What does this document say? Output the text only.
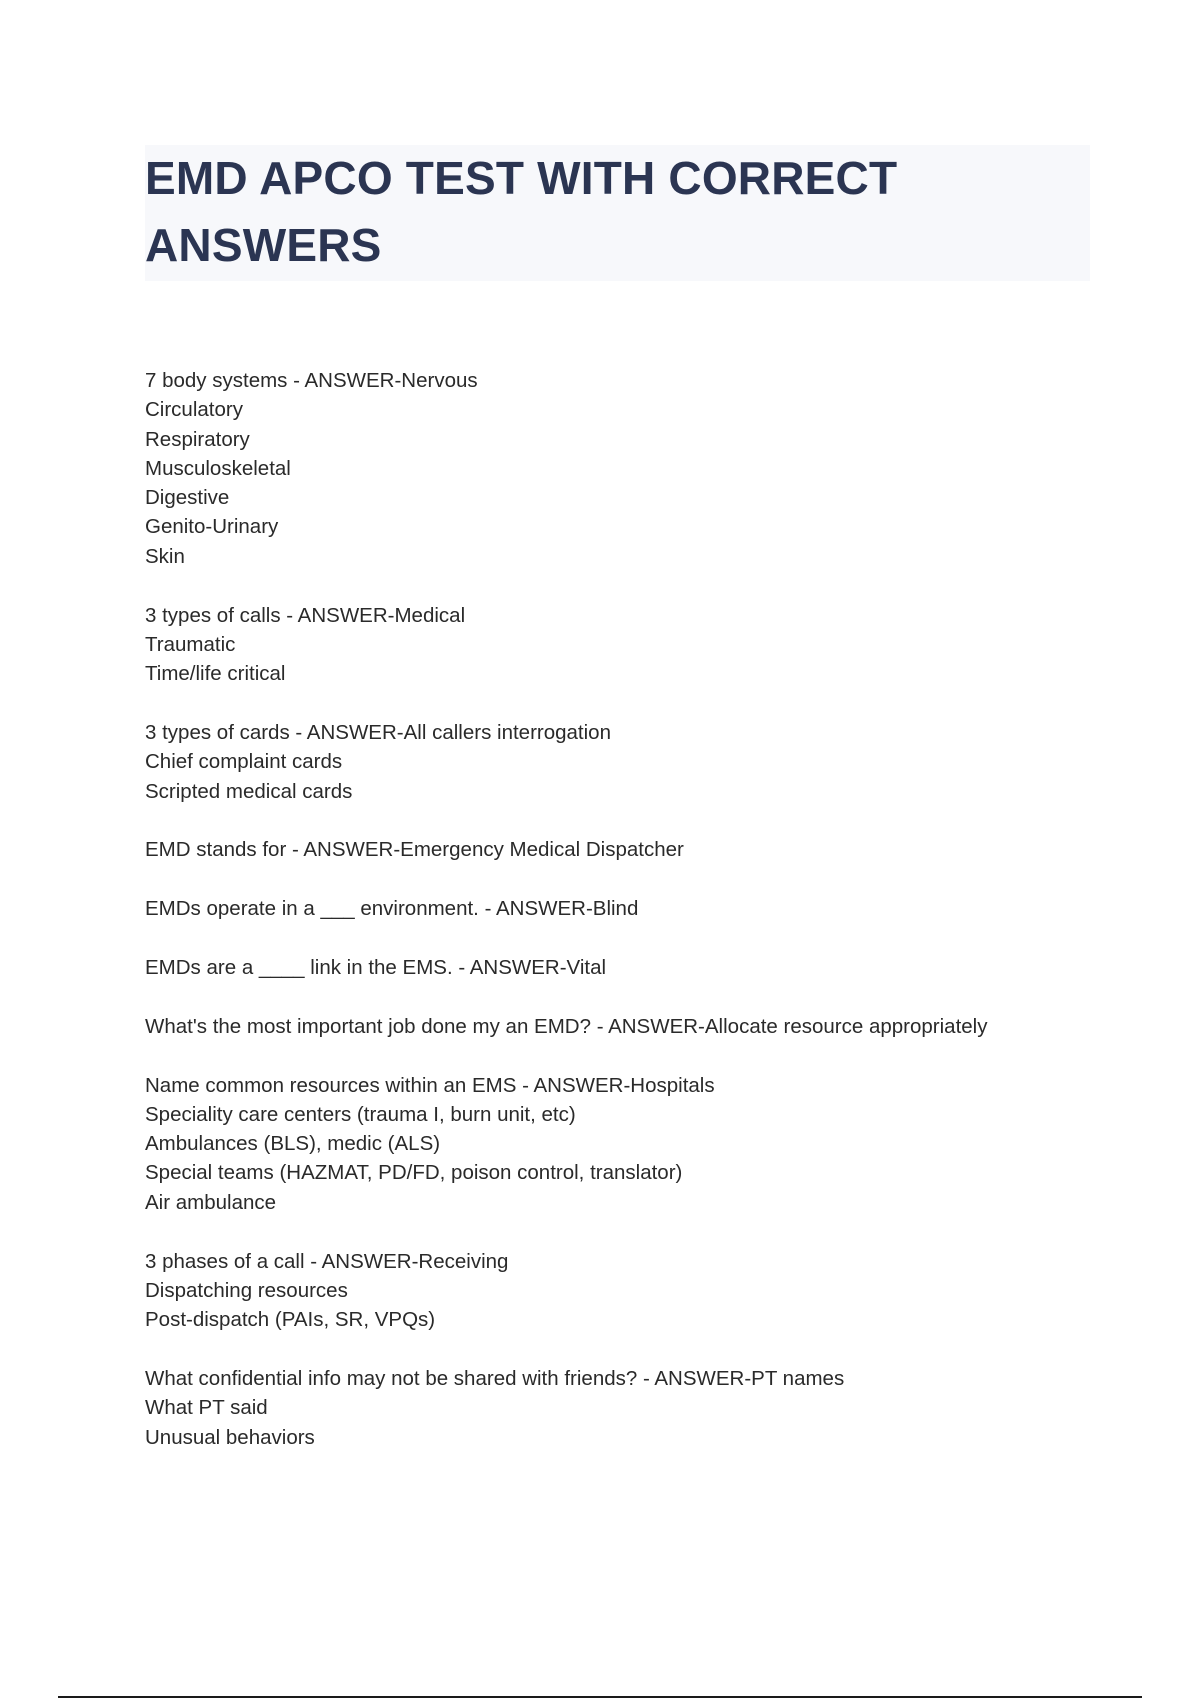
EMD APCO TEST WITH CORRECT ANSWERS
7 body systems - ANSWER-Nervous
Circulatory
Respiratory
Musculoskeletal
Digestive
Genito-Urinary
Skin
3 types of calls - ANSWER-Medical
Traumatic
Time/life critical
3 types of cards - ANSWER-All callers interrogation
Chief complaint cards
Scripted medical cards
EMD stands for - ANSWER-Emergency Medical Dispatcher
EMDs operate in a ___ environment. - ANSWER-Blind
EMDs are a ____ link in the EMS. - ANSWER-Vital
What's the most important job done my an EMD? - ANSWER-Allocate resource appropriately
Name common resources within an EMS - ANSWER-Hospitals
Speciality care centers (trauma I, burn unit, etc)
Ambulances (BLS), medic (ALS)
Special teams (HAZMAT, PD/FD, poison control, translator)
Air ambulance
3 phases of a call - ANSWER-Receiving
Dispatching resources
Post-dispatch (PAIs, SR, VPQs)
What confidential info may not be shared with friends? - ANSWER-PT names
What PT said
Unusual behaviors
